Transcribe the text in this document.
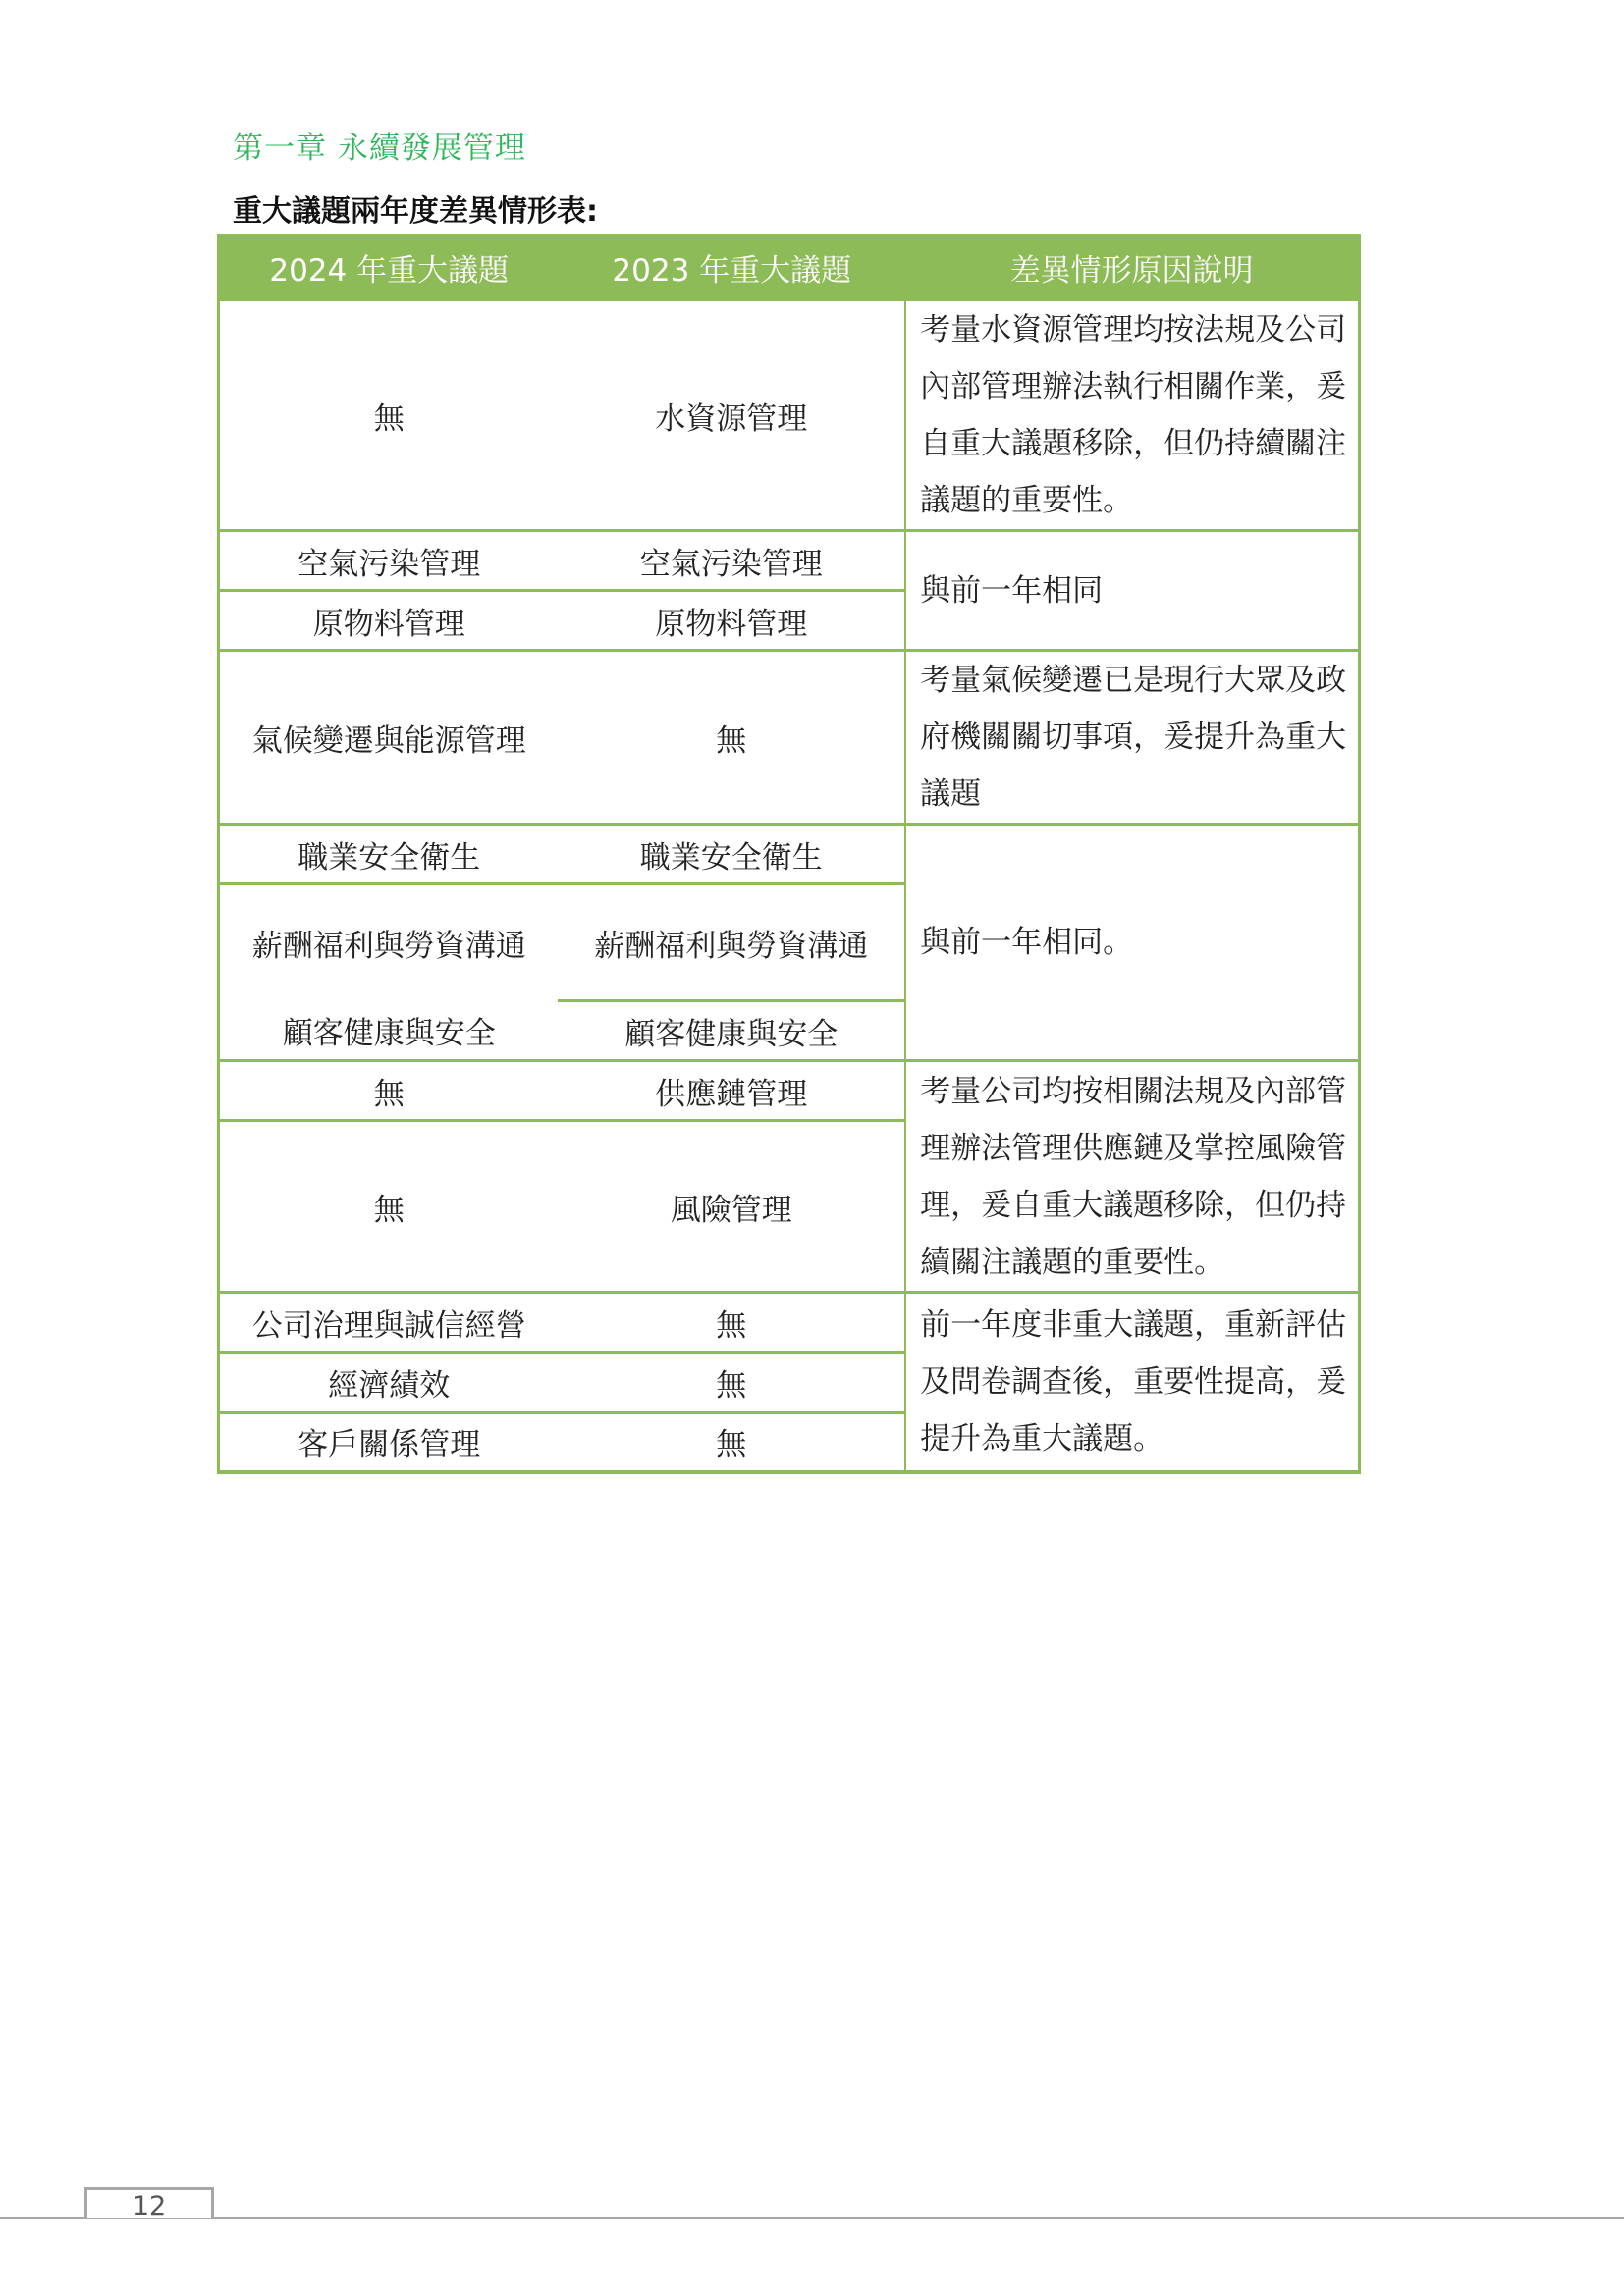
第一章 永續發展管理
重大議題兩年度差異情形表:
2024 年重大議題	2023 年重大議題	差異情形原因說明
無	水資源管理	考量水資源管理均按法規及公司內部管理辦法執行相關作業，爰自重大議題移除，但仍持續關注議題的重要性。
空氣污染管理	空氣污染管理	與前一年相同
原物料管理	原物料管理	
氣候變遷與能源管理	無	考量氣候變遷已是現行大眾及政府機關關切事項，爰提升為重大議題
職業安全衛生	職業安全衛生	與前一年相同。
薪酬福利與勞資溝通	薪酬福利與勞資溝通	
顧客健康與安全	顧客健康與安全	
無	供應鏈管理	考量公司均按相關法規及內部管理辦法管理供應鏈及掌控風險管理，爰自重大議題移除，但仍持續關注議題的重要性。
無	風險管理	
公司治理與誠信經營	無	前一年度非重大議題，重新評估及問卷調查後，重要性提高，爰提升為重大議題。
經濟績效	無	
客戶關係管理	無	
12
